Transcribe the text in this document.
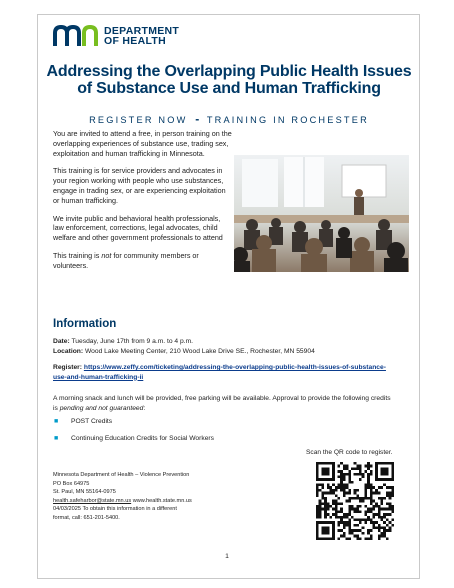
DEPARTMENT
OF HEALTH
Addressing the Overlapping Public Health Issues
of Substance Use and Human Trafficking
REGISTER NOW - TRAINING IN ROCHESTER

You are invited to attend a free, in person training on the overlapping experiences of substance use, trading sex, exploitation and human trafficking in Minnesota.

This training is for service providers and advocates in your region working with people who use substances, engage in trading sex, or are experiencing exploitation or human trafficking.

We invite public and behavioral health professionals, law enforcement, corrections, legal advocates, child welfare and other government professionals to attend

This training is not for community members or volunteers.

Information
Date: Tuesday, June 17th from 9 a.m. to 4 p.m.
Location: Wood Lake Meeting Center, 210 Wood Lake Drive SE., Rochester, MN 55904
Register: https://www.zeffy.com/ticketing/addressing-the-overlapping-public-health-issues-of-substance-use-and-human-trafficking-ii
A morning snack and lunch will be provided, free parking will be available. Approval to provide the following credits is pending and not guaranteed:
■ POST Credits
■ Continuing Education Credits for Social Workers
Scan the QR code to register.
Minnesota Department of Health – Violence Prevention
PO Box 64975
St. Paul, MN 55164-0975
health.safeharbor@state.mn.us www.health.state.mn.us
04/03/2025 To obtain this information in a different
format, call: 651-201-5400.
1
